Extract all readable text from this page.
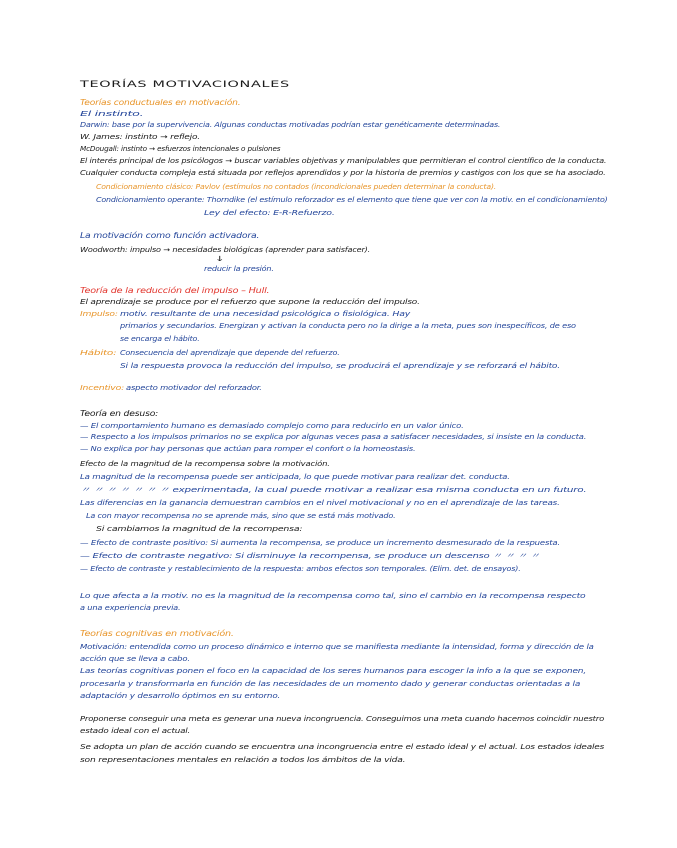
TEORÍAS MOTIVACIONALES
Teorías conductuales en motivación.
El instinto.
Darwin: base por la supervivencia. Algunas conductas motivadas podrían estar genéticamente determinadas.
W. James: instinto → reflejo.
McDougall: instinto → esfuerzos intencionales o pulsiones
El interés principal de los psicólogos → buscar variables objetivas y manipulables que permitieran el control científico de la conducta.
Cualquier conducta compleja está situada por reflejos aprendidos y por la historia de premios y castigos con los que se ha asociado.
Condicionamiento clásico: Pavlov (estímulos no contados (incondicionales pueden determinar la conducta).
Condicionamiento operante: Thorndike (el estímulo reforzador es el elemento que tiene que ver con la motiv. en el condicionamiento)
Ley del efecto: E-R-Refuerzo.
La motivación como función activadora.
Woodworth: impulso → necesidades biológicas (aprender para satisfacer).
↓
reducir la presión.
Teoría de la reducción del impulso – Hull.
El aprendizaje se produce por el refuerzo que supone la reducción del impulso.
Impulso: motiv. resultante de una necesidad psicológica o fisiológica. Hay
primarios y secundarios. Energizan y activan la conducta pero no la dirige a la meta, pues son inespecíficos, de eso
se encarga el hábito.
Hábito: Consecuencia del aprendizaje que depende del refuerzo.
Si la respuesta provoca la reducción del impulso, se producirá el aprendizaje y se reforzará el hábito.
Incentivo: aspecto motivador del reforzador.
Teoría en desuso:
— El comportamiento humano es demasiado complejo como para reducirlo en un valor único.
— Respecto a los impulsos primarios no se explica por algunas veces pasa a satisfacer necesidades, si insiste en la conducta.
— No explica por hay personas que actúan para romper el confort o la homeostasis.
Efecto de la magnitud de la recompensa sobre la motivación.
La magnitud de la recompensa puede ser anticipada, lo que puede motivar para realizar det. conducta.
〃 〃 〃 〃 〃 〃 〃 experimentada, la cual puede motivar a realizar esa misma conducta en un futuro.
Las diferencias en la ganancia demuestran cambios en el nivel motivacional y no en el aprendizaje de las tareas.
La con mayor recompensa no se aprende más, sino que se está más motivado.
Si cambiamos la magnitud de la recompensa:
— Efecto de contraste positivo: Si aumenta la recompensa, se produce un incremento desmesurado de la respuesta.
— Efecto de contraste negativo: Si disminuye la recompensa, se produce un descenso 〃 〃 〃 〃
— Efecto de contraste y restablecimiento de la respuesta: ambos efectos son temporales. (Elim. det. de ensayos).
Lo que afecta a la motiv. no es la magnitud de la recompensa como tal, sino el cambio en la recompensa respecto
a una experiencia previa.
Teorías cognitivas en motivación.
Motivación: entendida como un proceso dinámico e interno que se manifiesta mediante la intensidad, forma y dirección de la
acción que se lleva a cabo.
Las teorías cognitivas ponen el foco en la capacidad de los seres humanos para escoger la info a la que se exponen,
procesarla y transformarla en función de las necesidades de un momento dado y generar conductas orientadas a la
adaptación y desarrollo óptimos en su entorno.
Proponerse conseguir una meta es generar una nueva incongruencia. Conseguimos una meta cuando hacemos coincidir nuestro
estado ideal con el actual.
Se adopta un plan de acción cuando se encuentra una incongruencia entre el estado ideal y el actual. Los estados ideales
son representaciones mentales en relación a todos los ámbitos de la vida.
